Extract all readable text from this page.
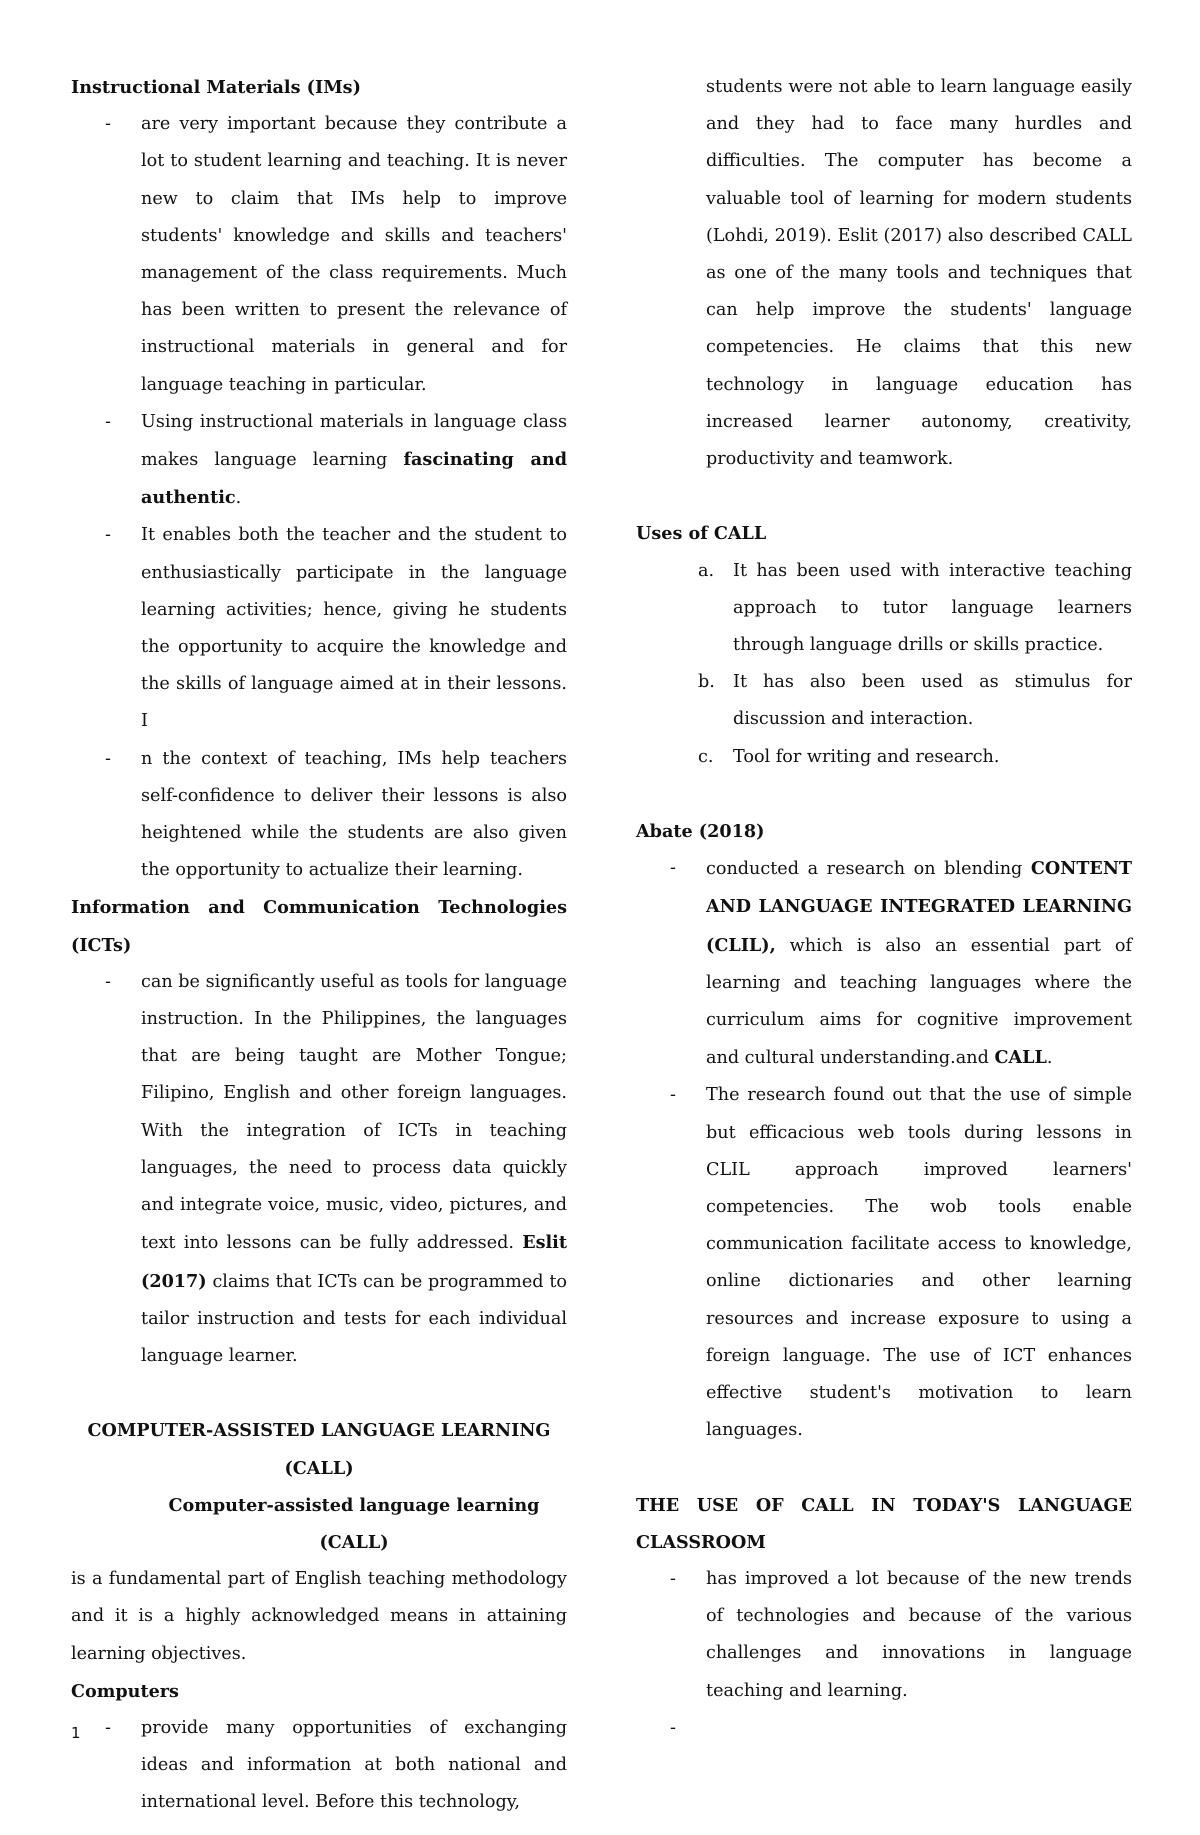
Instructional Materials (IMs)

- are very important because they contribute a lot to student learning and teaching. It is never new to claim that IMs help to improve students' knowledge and skills and teachers' management of the class requirements. Much has been written to present the relevance of instructional materials in general and for language teaching in particular.
- Using instructional materials in language class makes language learning fascinating and authentic.
- It enables both the teacher and the student to enthusiastically participate in the language learning activities; hence, giving he students the opportunity to acquire the knowledge and the skills of language aimed at in their lessons. I
- n the context of teaching, IMs help teachers self-confidence to deliver their lessons is also heightened while the students are also given the opportunity to actualize their learning.

Information and Communication Technologies (ICTs)

- can be significantly useful as tools for language instruction. In the Philippines, the languages that are being taught are Mother Tongue; Filipino, English and other foreign languages. With the integration of ICTs in teaching languages, the need to process data quickly and integrate voice, music, video, pictures, and text into lessons can be fully addressed. Eslit (2017) claims that ICTs can be programmed to tailor instruction and tests for each individual language learner.

COMPUTER-ASSISTED LANGUAGE LEARNING (CALL)

Computer-assisted language learning (CALL)

is a fundamental part of English teaching methodology and it is a highly acknowledged means in attaining learning objectives.

Computers

- provide many opportunities of exchanging ideas and information at both national and international level. Before this technology,

students were not able to learn language easily and they had to face many hurdles and difficulties. The computer has become a valuable tool of learning for modern students (Lohdi, 2019). Eslit (2017) also described CALL as one of the many tools and techniques that can help improve the students' language competencies. He claims that this new technology in language education has increased learner autonomy, creativity, productivity and teamwork.

Uses of CALL

a. It has been used with interactive teaching approach to tutor language learners through language drills or skills practice.
b. It has also been used as stimulus for discussion and interaction.
c. Tool for writing and research.

Abate (2018)

- conducted a research on blending CONTENT AND LANGUAGE INTEGRATED LEARNING (CLIL), which is also an essential part of learning and teaching languages where the curriculum aims for cognitive improvement and cultural understanding.and CALL.
- The research found out that the use of simple but efficacious web tools during lessons in CLIL approach improved learners' competencies. The wob tools enable communication facilitate access to knowledge, online dictionaries and other learning resources and increase exposure to using a foreign language. The use of ICT enhances effective student's motivation to learn languages.

THE USE OF CALL IN TODAY'S LANGUAGE CLASSROOM

- has improved a lot because of the new trends of technologies and because of the various challenges and innovations in language teaching and learning.
-
1
